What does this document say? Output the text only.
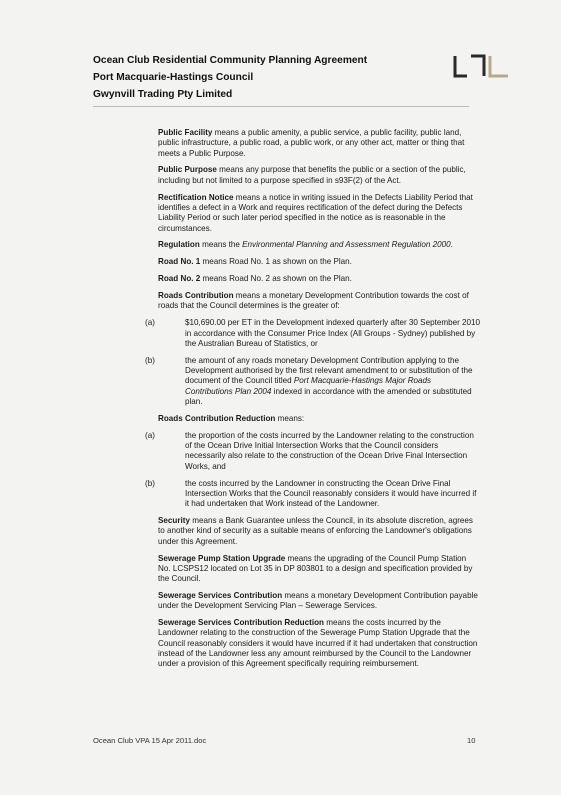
Ocean Club Residential Community Planning Agreement
Port Macquarie-Hastings Council
Gwynvill Trading Pty Limited

Public Facility means a public amenity, a public service, a public facility, public land, public infrastructure, a public road, a public work, or any other act, matter or thing that meets a Public Purpose.

Public Purpose means any purpose that benefits the public or a section of the public, including but not limited to a purpose specified in s93F(2) of the Act.

Rectification Notice means a notice in writing issued in the Defects Liability Period that identifies a defect in a Work and requires rectification of the defect during the Defects Liability Period or such later period specified in the notice as is reasonable in the circumstances.

Regulation means the Environmental Planning and Assessment Regulation 2000.

Road No. 1 means Road No. 1 as shown on the Plan.

Road No. 2 means Road No. 2 as shown on the Plan.

Roads Contribution means a monetary Development Contribution towards the cost of roads that the Council determines is the greater of:

(a)	$10,690.00 per ET in the Development indexed quarterly after 30 September 2010 in accordance with the Consumer Price Index (All Groups - Sydney) published by the Australian Bureau of Statistics, or
(b)	the amount of any roads monetary Development Contribution applying to the Development authorised by the first relevant amendment to or substitution of the document of the Council titled Port Macquarie-Hastings Major Roads Contributions Plan 2004 indexed in accordance with the amended or substituted plan.

Roads Contribution Reduction means:

(a)	the proportion of the costs incurred by the Landowner relating to the construction of the Ocean Drive Initial Intersection Works that the Council considers necessarily also relate to the construction of the Ocean Drive Final Intersection Works, and
(b)	the costs incurred by the Landowner in constructing the Ocean Drive Final Intersection Works that the Council reasonably considers it would have incurred if it had undertaken that Work instead of the Landowner.

Security means a Bank Guarantee unless the Council, in its absolute discretion, agrees to another kind of security as a suitable means of enforcing the Landowner's obligations under this Agreement.

Sewerage Pump Station Upgrade means the upgrading of the Council Pump Station No. LCSPS12 located on Lot 35 in DP 803801 to a design and specification provided by the Council.

Sewerage Services Contribution means a monetary Development Contribution payable under the Development Servicing Plan – Sewerage Services.

Sewerage Services Contribution Reduction means the costs incurred by the Landowner relating to the construction of the Sewerage Pump Station Upgrade that the Council reasonably considers it would have incurred if it had undertaken that construction instead of the Landowner less any amount reimbursed by the Council to the Landowner under a provision of this Agreement specifically requiring reimbursement.

Ocean Club VPA 15 Apr 2011.doc	10
